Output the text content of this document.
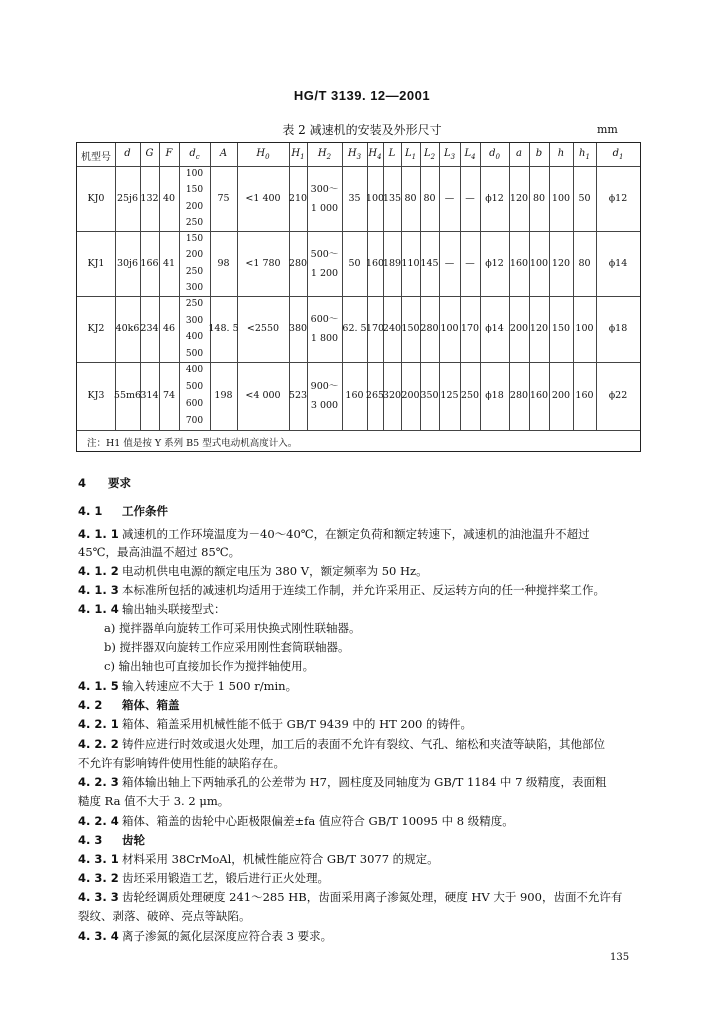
HG/T 3139. 12—2001
表 2 减速机的安装及外形尺寸	mm
机型号 d G F $d_c$ A	$H_0$ $H_1$ $H_2$ $H_3$ $H_4$ L $L_1$ $L_2$ $L_3$ $L_4$ $d_0$ a b h $h_1$ $d_1$
KJ0 25j6 132 40
100
150
200
250
75 <1 400 210
300～
1 000
35 100
135 80 80 — — ϕ12 120 80 100 50 ϕ12
KJ1 30j6 166 41
150
200
250
300
98 <1 780 280
500～
1 200
50 160
189 110 145 — — ϕ12 160 100 120 80 ϕ14
KJ2 40k6 234 46
250
300
400
500
148. 5 <2550 380
600～
1 800
62. 5 170
240 150 280 100 170 ϕ14 200 120 150 100 ϕ18
KJ3 55m6 314 74
400
500
600
700
198 <4 000 523
900～
3 000
160 265
320 200 350 125 250 ϕ18 280 160 200 160 ϕ22
注：H1 值是按 Y 系列 B5 型式电动机高度计入。
4 要求
4. 1 工作条件
4. 1. 1 减速机的工作环境温度为－40～40℃，在额定负荷和额定转速下，减速机的油池温升不超过
45℃，最高油温不超过 85℃。
4. 1. 2 电动机供电电源的额定电压为 380 V，额定频率为 50 Hz。
4. 1. 3 本标准所包括的减速机均适用于连续工作制，并允许采用正、反运转方向的任一种搅拌桨工作。
4. 1. 4 输出轴头联接型式：
a) 搅拌器单向旋转工作可采用快换式刚性联轴器。
b) 搅拌器双向旋转工作应采用刚性套筒联轴器。
c) 输出轴也可直接加长作为搅拌轴使用。
4. 1. 5 输入转速应不大于 1 500 r/min。
4. 2 箱体、箱盖
4. 2. 1 箱体、箱盖采用机械性能不低于 GB/T 9439 中的 HT 200 的铸件。
4. 2. 2 铸件应进行时效或退火处理，加工后的表面不允许有裂纹、气孔、缩松和夹渣等缺陷，其他部位
不允许有影响铸件使用性能的缺陷存在。
4. 2. 3 箱体输出轴上下两轴承孔的公差带为 H7，圆柱度及同轴度为 GB/T 1184 中 7 级精度，表面粗
糙度 Ra 值不大于 3. 2 μm。
4. 2. 4 箱体、箱盖的齿轮中心距极限偏差±fa 值应符合 GB/T 10095 中 8 级精度。
4. 3 齿轮
4. 3. 1 材料采用 38CrMoAl，机械性能应符合 GB/T 3077 的规定。
4. 3. 2 齿坯采用锻造工艺，锻后进行正火处理。
4. 3. 3 齿轮经调质处理硬度 241～285 HB，齿面采用离子渗氮处理，硬度 HV 大于 900，齿面不允许有
裂纹、剥落、破碎、亮点等缺陷。
4. 3. 4 离子渗氮的氮化层深度应符合表 3 要求。
135
